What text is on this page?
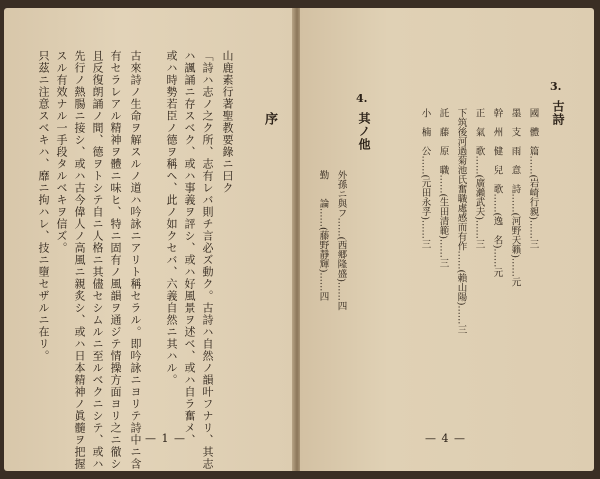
只茲ニ注意スベキハ、靡ニ拘ハレ、技ニ墮セザルニ在リ。 スル有效ナル一手段タルベキヲ信ズ。 先行ノ熱腸ニ接シ、或ハ古今偉人ノ高風ニ親炙シ、或ハ日本精神ノ眞髓ヲ把握 且反復朗誦ノ間、德ヲトシテ自ニ人格ニ其儘セシムルニ至ルベクニシテ、或ハ 有セラレアル精神ヲ體ニ味ヒ、特ニ固有ノ風韻ヲ通ジテ情操方面ヨリ之ニ徹シ 古來詩ノ生命ヲ解スルノ道ハ吟詠ニアリト稱セラル。即吟詠ニヨリテ詩中ニ含 或ハ時勢若臣ノ德ヲ稱ヘ、此ノ如クセバ、六義自然ニ其ハル。 ハ諷誦ニ存スベク、或ハ事義ヲ評シ、或ハ好風景ヲ述ベ、或ハ自ラ奮メ、 「詩ハ志ノ之ク所、志有レバ則チ言必ズ動ク。古詩ハ自然ノ韻叶フナリ、其志 山鹿素行著聖教要錄ニ曰ク 序
— 1 —
4.
其ノ他
外孫ニ與フ……(西郷隆盛)……四
勤　　論……(藤野靜輝)……四
3.
古詩
國　體　篇……(岩崎行親)……三
墨　支　雨　意　詩……(河野天籟)……元
幹　州　健　兒　歌……(逸　名)……元
正　氣　歌……(廣瀨武夫)……三
下筑後河過菊池氏奮職處感而有作……(賴山陽)……三
託　藤　原　職……(生田清範)……三
小　楠　公……(元田永孚)……三
— 4 —
